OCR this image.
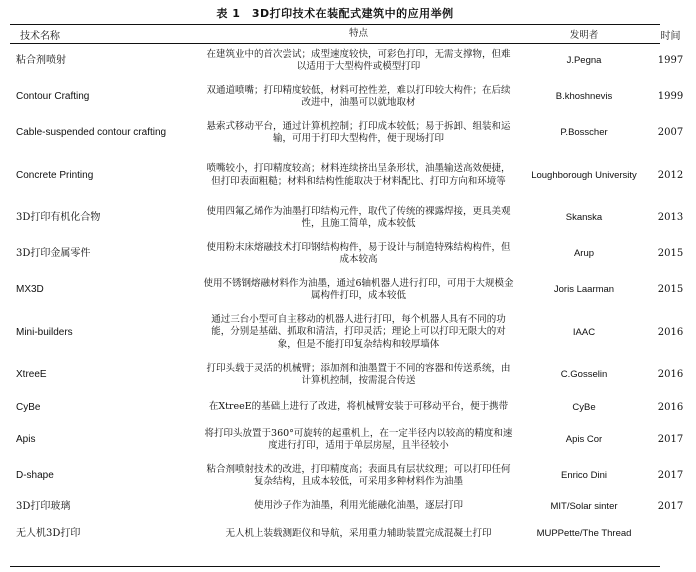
表 1　3D打印技术在装配式建筑中的应用举例
技术名称	特点	发明者	时间
粘合剂喷射	在建筑业中的首次尝试；成型速度较快，可彩色打印，无需支撑物，但难以适用于大型构件或模型打印	J.Pegna	1997
Contour Crafting	双通道喷嘴；打印精度较低，材料可控性差，难以打印较大构件；在后续改进中，油墨可以就地取材	B.khoshnevis	1999
Cable-suspended contour crafting	悬索式移动平台，通过计算机控制；打印成本较低；易于拆卸、组装和运输，可用于打印大型构件，便于现场打印	P.Bosscher	2007
Concrete Printing	喷嘴较小，打印精度较高；材料连续挤出呈条形状，油墨输送高效便捷，但打印表面粗糙；材料和结构性能取决于材料配比、打印方向和环境等	Loughborough University	2012
3D打印有机化合物	使用四氟乙烯作为油墨打印结构元件，取代了传统的裸露焊接，更具美观性，且施工简单，成本较低	Skanska	2013
3D打印金属零件	使用粉末床熔融技术打印钢结构构件，易于设计与制造特殊结构构件，但成本较高	Arup	2015
MX3D	使用不锈钢熔融材料作为油墨，通过6轴机器人进行打印，可用于大规模金属构件打印，成本较低	Joris Laarman	2015
Mini-builders	通过三台小型可自主移动的机器人进行打印，每个机器人具有不同的功能，分别是基础、抓取和清洁，打印灵活；理论上可以打印无限大的对象，但是不能打印复杂结构和较厚墙体	IAAC	2016
XtreeE	打印头载于灵活的机械臂；添加剂和油墨置于不同的容器和传送系统，由计算机控制，按需混合传送	C.Gosselin	2016
CyBe	在XtreeE的基础上进行了改进，将机械臂安装于可移动平台，便于携带	CyBe	2016
Apis	将打印头放置于360°可旋转的起重机上，在一定半径内以较高的精度和速度进行打印，适用于单层房屋，且半径较小	Apis Cor	2017
D-shape	粘合剂喷射技术的改进，打印精度高；表面具有层状纹理；可以打印任何复杂结构，且成本较低，可采用多种材料作为油墨	Enrico Dini	2017
3D打印玻璃	使用沙子作为油墨，利用光能融化油墨，逐层打印	MIT/Solar sinter	2017
无人机3D打印	无人机上装载测距仪和导航，采用重力辅助装置完成混凝土打印	MUPPette/The Thread	
